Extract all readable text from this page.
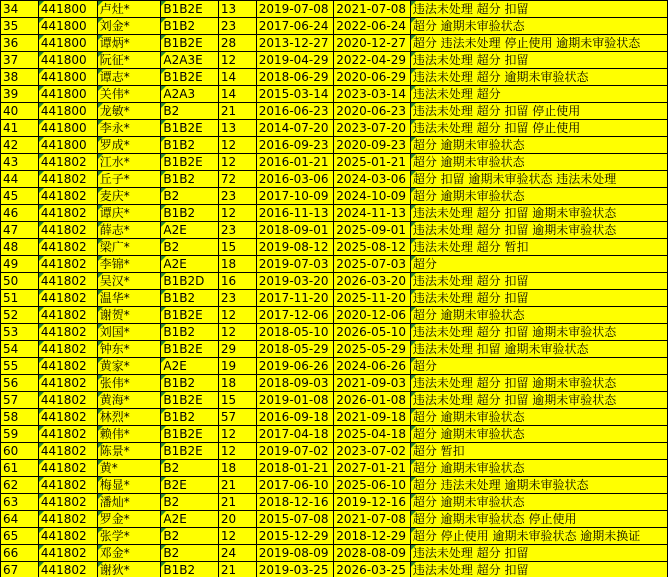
34	441800	卢灶*	B1B2E	13	2019-07-08	2021-07-08	违法未处理 超分 扣留
35	441800	刘金*	B1B2	23	2017-06-24	2022-06-24	超分 逾期未审验状态
36	441800	谭炳*	B1B2E	28	2013-12-27	2020-12-27	超分 违法未处理 停止使用 逾期未审验状态
37	441800	阮征*	A2A3E	12	2019-04-29	2022-04-29	违法未处理 超分 扣留
38	441800	谭志*	B1B2E	14	2018-06-29	2020-06-29	违法未处理 超分 逾期未审验状态
39	441800	关伟*	A2A3	14	2015-03-14	2023-03-14	违法未处理 超分
40	441800	龙敏*	B2	21	2016-06-23	2020-06-23	违法未处理 超分 扣留 停止使用
41	441800	李永*	B1B2E	13	2014-07-20	2023-07-20	违法未处理 超分 扣留 停止使用
42	441800	罗成*	B1B2	12	2016-09-23	2020-09-23	超分 逾期未审验状态
43	441802	江水*	B1B2E	12	2016-01-21	2025-01-21	超分 逾期未审验状态
44	441802	丘子*	B1B2	72	2016-03-06	2024-03-06	超分 扣留 逾期未审验状态 违法未处理
45	441802	麦庆*	B2	23	2017-10-09	2024-10-09	超分 逾期未审验状态
46	441802	谭庆*	B1B2	12	2016-11-13	2024-11-13	违法未处理 超分 扣留 逾期未审验状态
47	441802	薛志*	A2E	23	2018-09-01	2025-09-01	违法未处理 超分 扣留 逾期未审验状态
48	441802	梁广*	B2	15	2019-08-12	2025-08-12	违法未处理 超分 暂扣
49	441802	李锦*	A2E	18	2019-07-03	2025-07-03	超分
50	441802	吴汉*	B1B2D	16	2019-03-20	2026-03-20	违法未处理 超分 扣留
51	441802	温华*	B1B2	23	2017-11-20	2025-11-20	违法未处理 超分 扣留
52	441802	谢贺*	B1B2E	12	2017-12-06	2020-12-06	超分 逾期未审验状态
53	441802	刘国*	B1B2	12	2018-05-10	2026-05-10	违法未处理 超分 扣留 逾期未审验状态
54	441802	钟东*	B1B2E	29	2018-05-29	2025-05-29	违法未处理 扣留 逾期未审验状态
55	441802	黄家*	A2E	19	2019-06-26	2024-06-26	超分
56	441802	张伟*	B1B2	18	2018-09-03	2021-09-03	违法未处理 超分 扣留 逾期未审验状态
57	441802	黄海*	B1B2E	15	2019-01-08	2026-01-08	违法未处理 超分 扣留 逾期未审验状态
58	441802	林烈*	B1B2	57	2016-09-18	2021-09-18	超分 逾期未审验状态
59	441802	赖伟*	B1B2E	12	2017-04-18	2025-04-18	超分 逾期未审验状态
60	441802	陈景*	B1B2E	12	2019-07-02	2023-07-02	超分 暂扣
61	441802	黄*	B2	18	2018-01-21	2027-01-21	超分 逾期未审验状态
62	441802	梅显*	B2E	21	2017-06-10	2025-06-10	超分 违法未处理 逾期未审验状态
63	441802	潘灿*	B2	21	2018-12-16	2019-12-16	超分 逾期未审验状态
64	441802	罗金*	A2E	20	2015-07-08	2021-07-08	超分 逾期未审验状态 停止使用
65	441802	张学*	B2	12	2015-12-29	2018-12-29	超分 停止使用 逾期未审验状态 逾期未换证
66	441802	邓金*	B2	24	2019-08-09	2028-08-09	违法未处理 超分 扣留
67	441802	谢狄*	B1B2	21	2019-03-25	2026-03-25	违法未处理 超分 扣留
